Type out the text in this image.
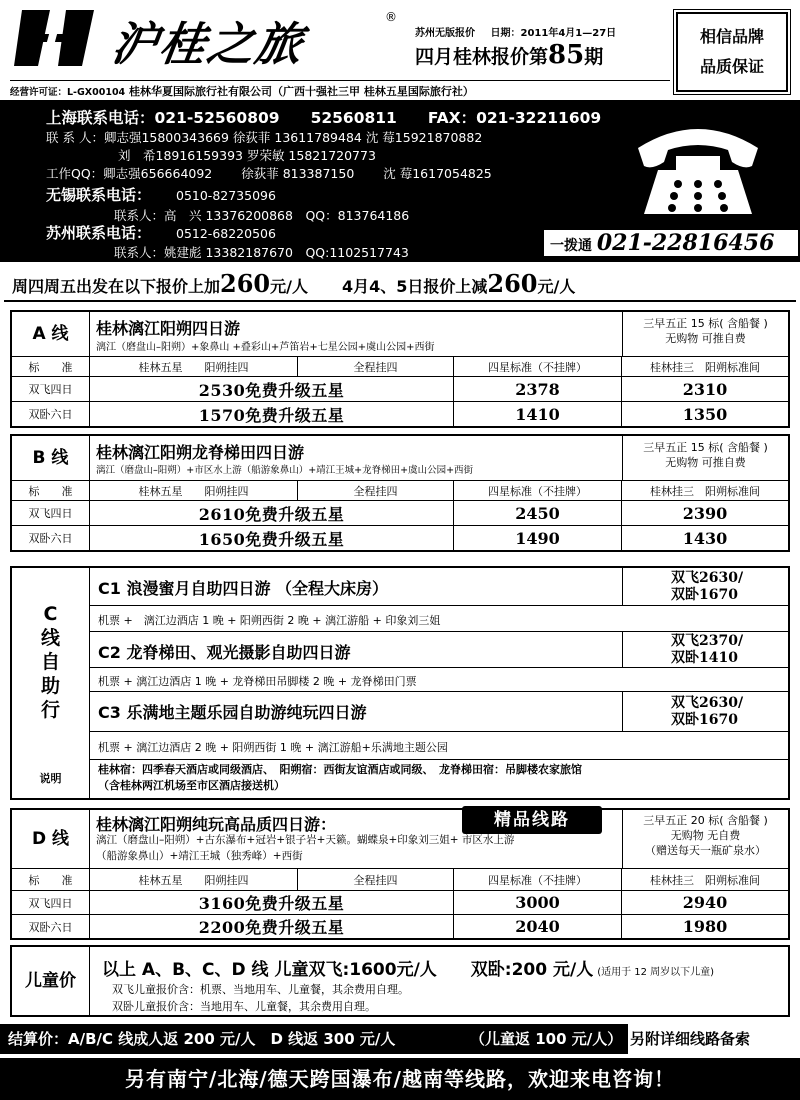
沪桂之旅	®
苏州无版报价 日期：2011年4月1—27日
四月桂林报价第85期
相信品牌
品质保证
经营许可证：L-GX00104 桂林华夏国际旅行社有限公司（广西十强社三甲 桂林五星国际旅行社）
上海联系电话：021-52560809　　52560811　　FAX：021-32211609
联 系 人：卿志强15800343669 徐荻菲 13611789484 沈 莓15921870882
刘　希18916159393 罗荣敏 15821720773
工作QQ：卿志强656664092　　 徐荻菲 813387150　　 沈 莓1617054825
无锡联系电话： 0510-82735096
联系人：高　兴 13376200868　QQ：813764186
苏州联系电话： 0512-68220506
联系人：姚建彪 13382187670　QQ:1102517743	一拨通 021-22816456
周四周五出发在以下报价上加260元/人 4月4、5日报价上减260元/人
A 线	桂林漓江阳朔四日游
漓江（磨盘山–阳朔）+象鼻山 +叠彩山+芦笛岩+七星公园+虞山公园+西街
三早五正 15 标( 含船餐 )
无购物 可推自费
标　　准	桂林五星　　阳朔挂四	全程挂四	四星标准（不挂牌）	桂林挂三　阳朔标准间
双飞四日	2530免费升级五星	2378	2310
双卧六日	1570免费升级五星	1410	1350
B 线	桂林漓江阳朔龙脊梯田四日游
漓江（磨盘山–阳朔）+市区水上游（船游象鼻山）+靖江王城+龙脊梯田+虞山公园+西街
三早五正 15 标( 含船餐 )
无购物 可推自费
标　　准	桂林五星　　阳朔挂四	全程挂四	四星标准（不挂牌）	桂林挂三　阳朔标准间
双飞四日	2610免费升级五星	2450	2390
双卧六日	1650免费升级五星	1490	1430
C线自助行
C1 浪漫蜜月自助四日游 （全程大床房）
双飞2630/
双卧1670
机票 +　漓江边酒店 1 晚 + 阳朔西街 2 晚 + 漓江游船 + 印象刘三姐
C2 龙脊梯田、观光摄影自助四日游
双飞2370/
双卧1410
机票 + 漓江边酒店 1 晚 + 龙脊梯田吊脚楼 2 晚 + 龙脊梯田门票
C3 乐满地主题乐园自助游纯玩四日游	双飞2630/
双卧1670
机票 + 漓江边酒店 2 晚 + 阳朔西街 1 晚 + 漓江游船+乐满地主题公园
说明
桂林宿：四季春天酒店或同级酒店、　阳朔宿：西街友谊酒店或同级、　龙脊梯田宿：吊脚楼农家旅馆
（含桂林两江机场至市区酒店接送机）
D 线
桂林漓江阳朔纯玩高品质四日游：
漓江（磨盘山–阳朔）+古东瀑布+冠岩+银子岩+天籁。蝴蝶泉+印象刘三姐+ 市区水上游
（船游象鼻山）+靖江王城（独秀峰）+西街
三早五正 20 标( 含船餐 )
无购物 无自费
（赠送每天一瓶矿泉水）
标　　准	桂林五星　　阳朔挂四	全程挂四	四星标准（不挂牌）	桂林挂三　阳朔标准间
双飞四日	3160免费升级五星	3000	2940
双卧六日	2200免费升级五星	2040	1980
精品线路
儿童价
以上 A、B、C、D 线 儿童双飞:1600元/人　　双卧:200 元/人 (适用于 12 周岁以下儿童)
双飞儿童报价含：机票、当地用车、儿童餐，其余费用自理。
双卧儿童报价含：当地用车、儿童餐，其余费用自理。
结算价：A/B/C 线成人返 200 元/人　D 线返 300 元/人	（儿童返 100 元/人） 另附详细线路备索
另有南宁/北海/德天跨国瀑布/越南等线路，欢迎来电咨询！
